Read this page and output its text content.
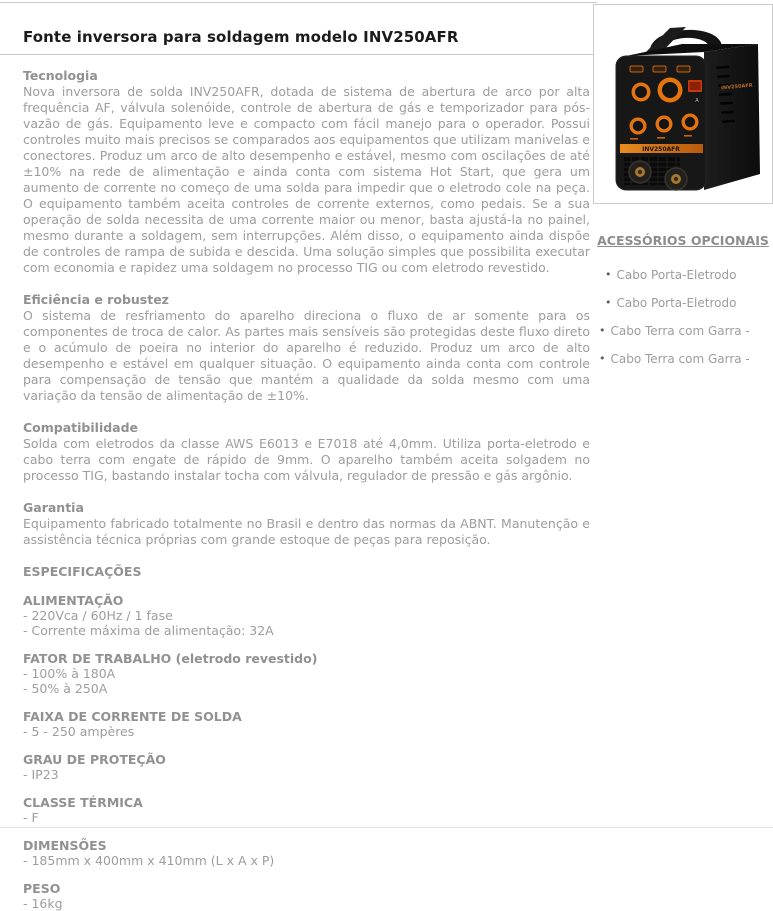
Fonte inversora para soldagem modelo INV250AFR
Tecnologia

Nova inversora de solda INV250AFR, dotada de sistema de abertura de arco por alta frequência AF, válvula solenóide, controle de abertura de gás e temporizador para pós-vazão de gás. Equipamento leve e compacto com fácil manejo para o operador. Possui controles muito mais precisos se comparados aos equipamentos que utilizam manivelas e conectores. Produz um arco de alto desempenho e estável, mesmo com oscilações de até ±10% na rede de alimentação e ainda conta com sistema Hot Start, que gera um aumento de corrente no começo de uma solda para impedir que o eletrodo cole na peça. O equipamento também aceita controles de corrente externos, como pedais. Se a sua operação de solda necessita de uma corrente maior ou menor, basta ajustá-la no painel, mesmo durante a soldagem, sem interrupções. Além disso, o equipamento ainda dispõe de controles de rampa de subida e descida. Uma solução simples que possibilita executar com economia e rapidez uma soldagem no processo TIG ou com eletrodo revestido.

Eficiência e robustez

O sistema de resfriamento do aparelho direciona o fluxo de ar somente para os componentes de troca de calor. As partes mais sensíveis são protegidas deste fluxo direto e o acúmulo de poeira no interior do aparelho é reduzido. Produz um arco de alto desempenho e estável em qualquer situação. O equipamento ainda conta com controle para compensação de tensão que mantém a qualidade da solda mesmo com uma variação da tensão de alimentação de ±10%.

Compatibilidade

Solda com eletrodos da classe AWS E6013 e E7018 até 4,0mm. Utiliza porta-eletrodo e cabo terra com engate de rápido de 9mm. O aparelho também aceita solgadem no processo TIG, bastando instalar tocha com válvula, regulador de pressão e gás argônio.

Garantia

Equipamento fabricado totalmente no Brasil e dentro das normas da ABNT. Manutenção e assistência técnica próprias com grande estoque de peças para reposição.

ESPECIFICAÇÕES
ALIMENTAÇÃO
- 220Vca / 60Hz / 1 fase
- Corrente máxima de alimentação: 32A
FATOR DE TRABALHO (eletrodo revestido)
- 100% à 180A
- 50% à 250A
FAIXA DE CORRENTE DE SOLDA
- 5 - 250 ampères
GRAU DE PROTEÇÃO
- IP23
CLASSE TÉRMICA
- F
DIMENSÕES
- 185mm x 400mm x 410mm (L x A x P)
PESO
- 16kg
INV250AFR
A
INV250AFR
ACESSÓRIOS OPCIONAIS
• Cabo Porta-Eletrodo
• Cabo Porta-Eletrodo
• Cabo Terra com Garra -
• Cabo Terra com Garra -
